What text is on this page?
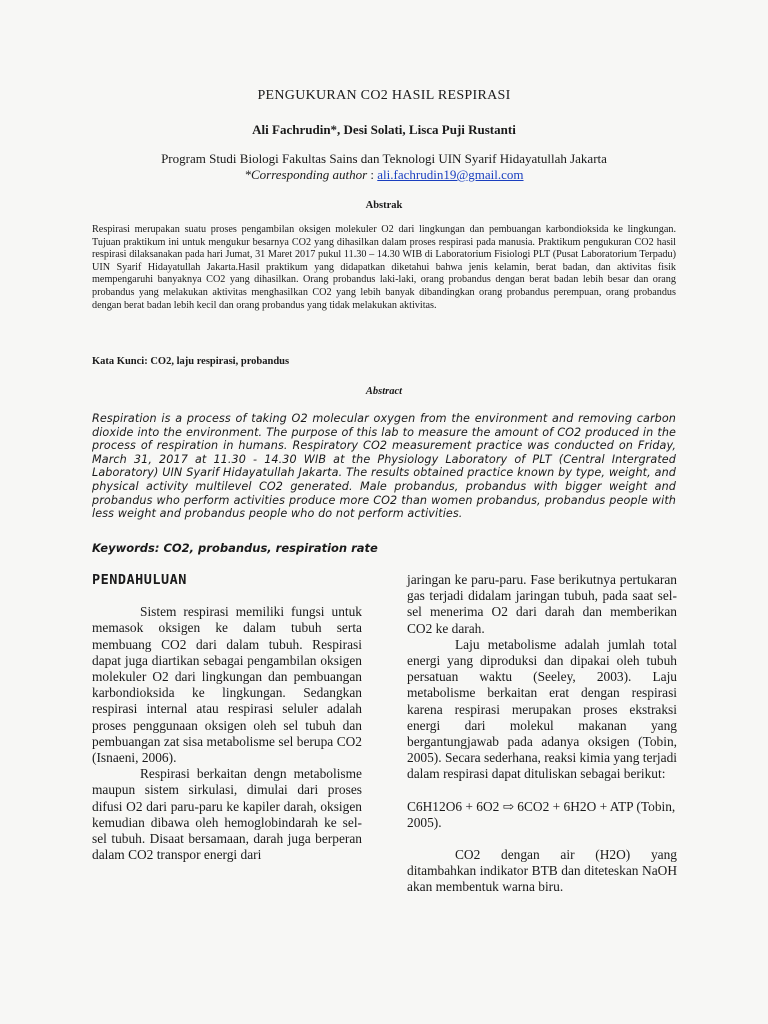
PENGUKURAN CO2 HASIL RESPIRASI
Ali Fachrudin*, Desi Solati, Lisca Puji Rustanti
Program Studi Biologi Fakultas Sains dan Teknologi UIN Syarif Hidayatullah Jakarta
*Corresponding author : ali.fachrudin19@gmail.com
Abstrak
Respirasi merupakan suatu proses pengambilan oksigen molekuler O2 dari lingkungan dan pembuangan karbondioksida ke lingkungan. Tujuan praktikum ini untuk mengukur besarnya CO2 yang dihasilkan dalam proses respirasi pada manusia. Praktikum pengukuran CO2 hasil respirasi dilaksanakan pada hari Jumat, 31 Maret 2017 pukul 11.30 – 14.30 WIB di Laboratorium Fisiologi PLT (Pusat Laboratorium Terpadu) UIN Syarif Hidayatullah Jakarta.Hasil praktikum yang didapatkan diketahui bahwa jenis kelamin, berat badan, dan aktivitas fisik mempengaruhi banyaknya CO2 yang dihasilkan. Orang probandus laki-laki, orang probandus dengan berat badan lebih besar dan orang probandus yang melakukan aktivitas menghasilkan CO2 yang lebih banyak dibandingkan orang probandus perempuan, orang probandus dengan berat badan lebih kecil dan orang probandus yang tidak melakukan aktivitas.
Kata Kunci: CO2, laju respirasi, probandus
Abstract
Respiration is a process of taking O2 molecular oxygen from the environment and removing carbon dioxide into the environment. The purpose of this lab to measure the amount of CO2 produced in the process of respiration in humans. Respiratory CO2 measurement practice was conducted on Friday, March 31, 2017 at 11.30 - 14.30 WIB at the Physiology Laboratory of PLT (Central Intergrated Laboratory) UIN Syarif Hidayatullah Jakarta. The results obtained practice known by type, weight, and physical activity multilevel CO2 generated. Male probandus, probandus with bigger weight and probandus who perform activities produce more CO2 than women probandus, probandus people with less weight and probandus people who do not perform activities.
Keywords: CO2, probandus, respiration rate
PENDAHULUAN

Sistem respirasi memiliki fungsi untuk memasok oksigen ke dalam tubuh serta membuang CO2 dari dalam tubuh. Respirasi dapat juga diartikan sebagai pengambilan oksigen molekuler O2 dari lingkungan dan pembuangan karbondioksida ke lingkungan. Sedangkan respirasi internal atau respirasi seluler adalah proses penggunaan oksigen oleh sel tubuh dan pembuangan zat sisa metabolisme sel berupa CO2 (Isnaeni, 2006).

Respirasi berkaitan dengn metabolisme maupun sistem sirkulasi, dimulai dari proses difusi O2 dari paru-paru ke kapiler darah, oksigen kemudian dibawa oleh hemoglobindarah ke sel-sel tubuh. Disaat bersamaan, darah juga berperan dalam CO2 transpor energi dari

jaringan ke paru-paru. Fase berikutnya pertukaran gas terjadi didalam jaringan tubuh, pada saat sel-sel menerima O2 dari darah dan memberikan CO2 ke darah.

Laju metabolisme adalah jumlah total energi yang diproduksi dan dipakai oleh tubuh persatuan waktu (Seeley, 2003). Laju metabolisme berkaitan erat dengan respirasi karena respirasi merupakan proses ekstraksi energi dari molekul makanan yang bergantungjawab pada adanya oksigen (Tobin, 2005). Secara sederhana, reaksi kimia yang terjadi dalam respirasi dapat dituliskan sebagai berikut:

C6H12O6 + 6O2 ⇨ 6CO2 + 6H2O + ATP (Tobin, 2005).

CO2 dengan air (H2O) yang ditambahkan indikator BTB dan diteteskan NaOH akan membentuk warna biru.
